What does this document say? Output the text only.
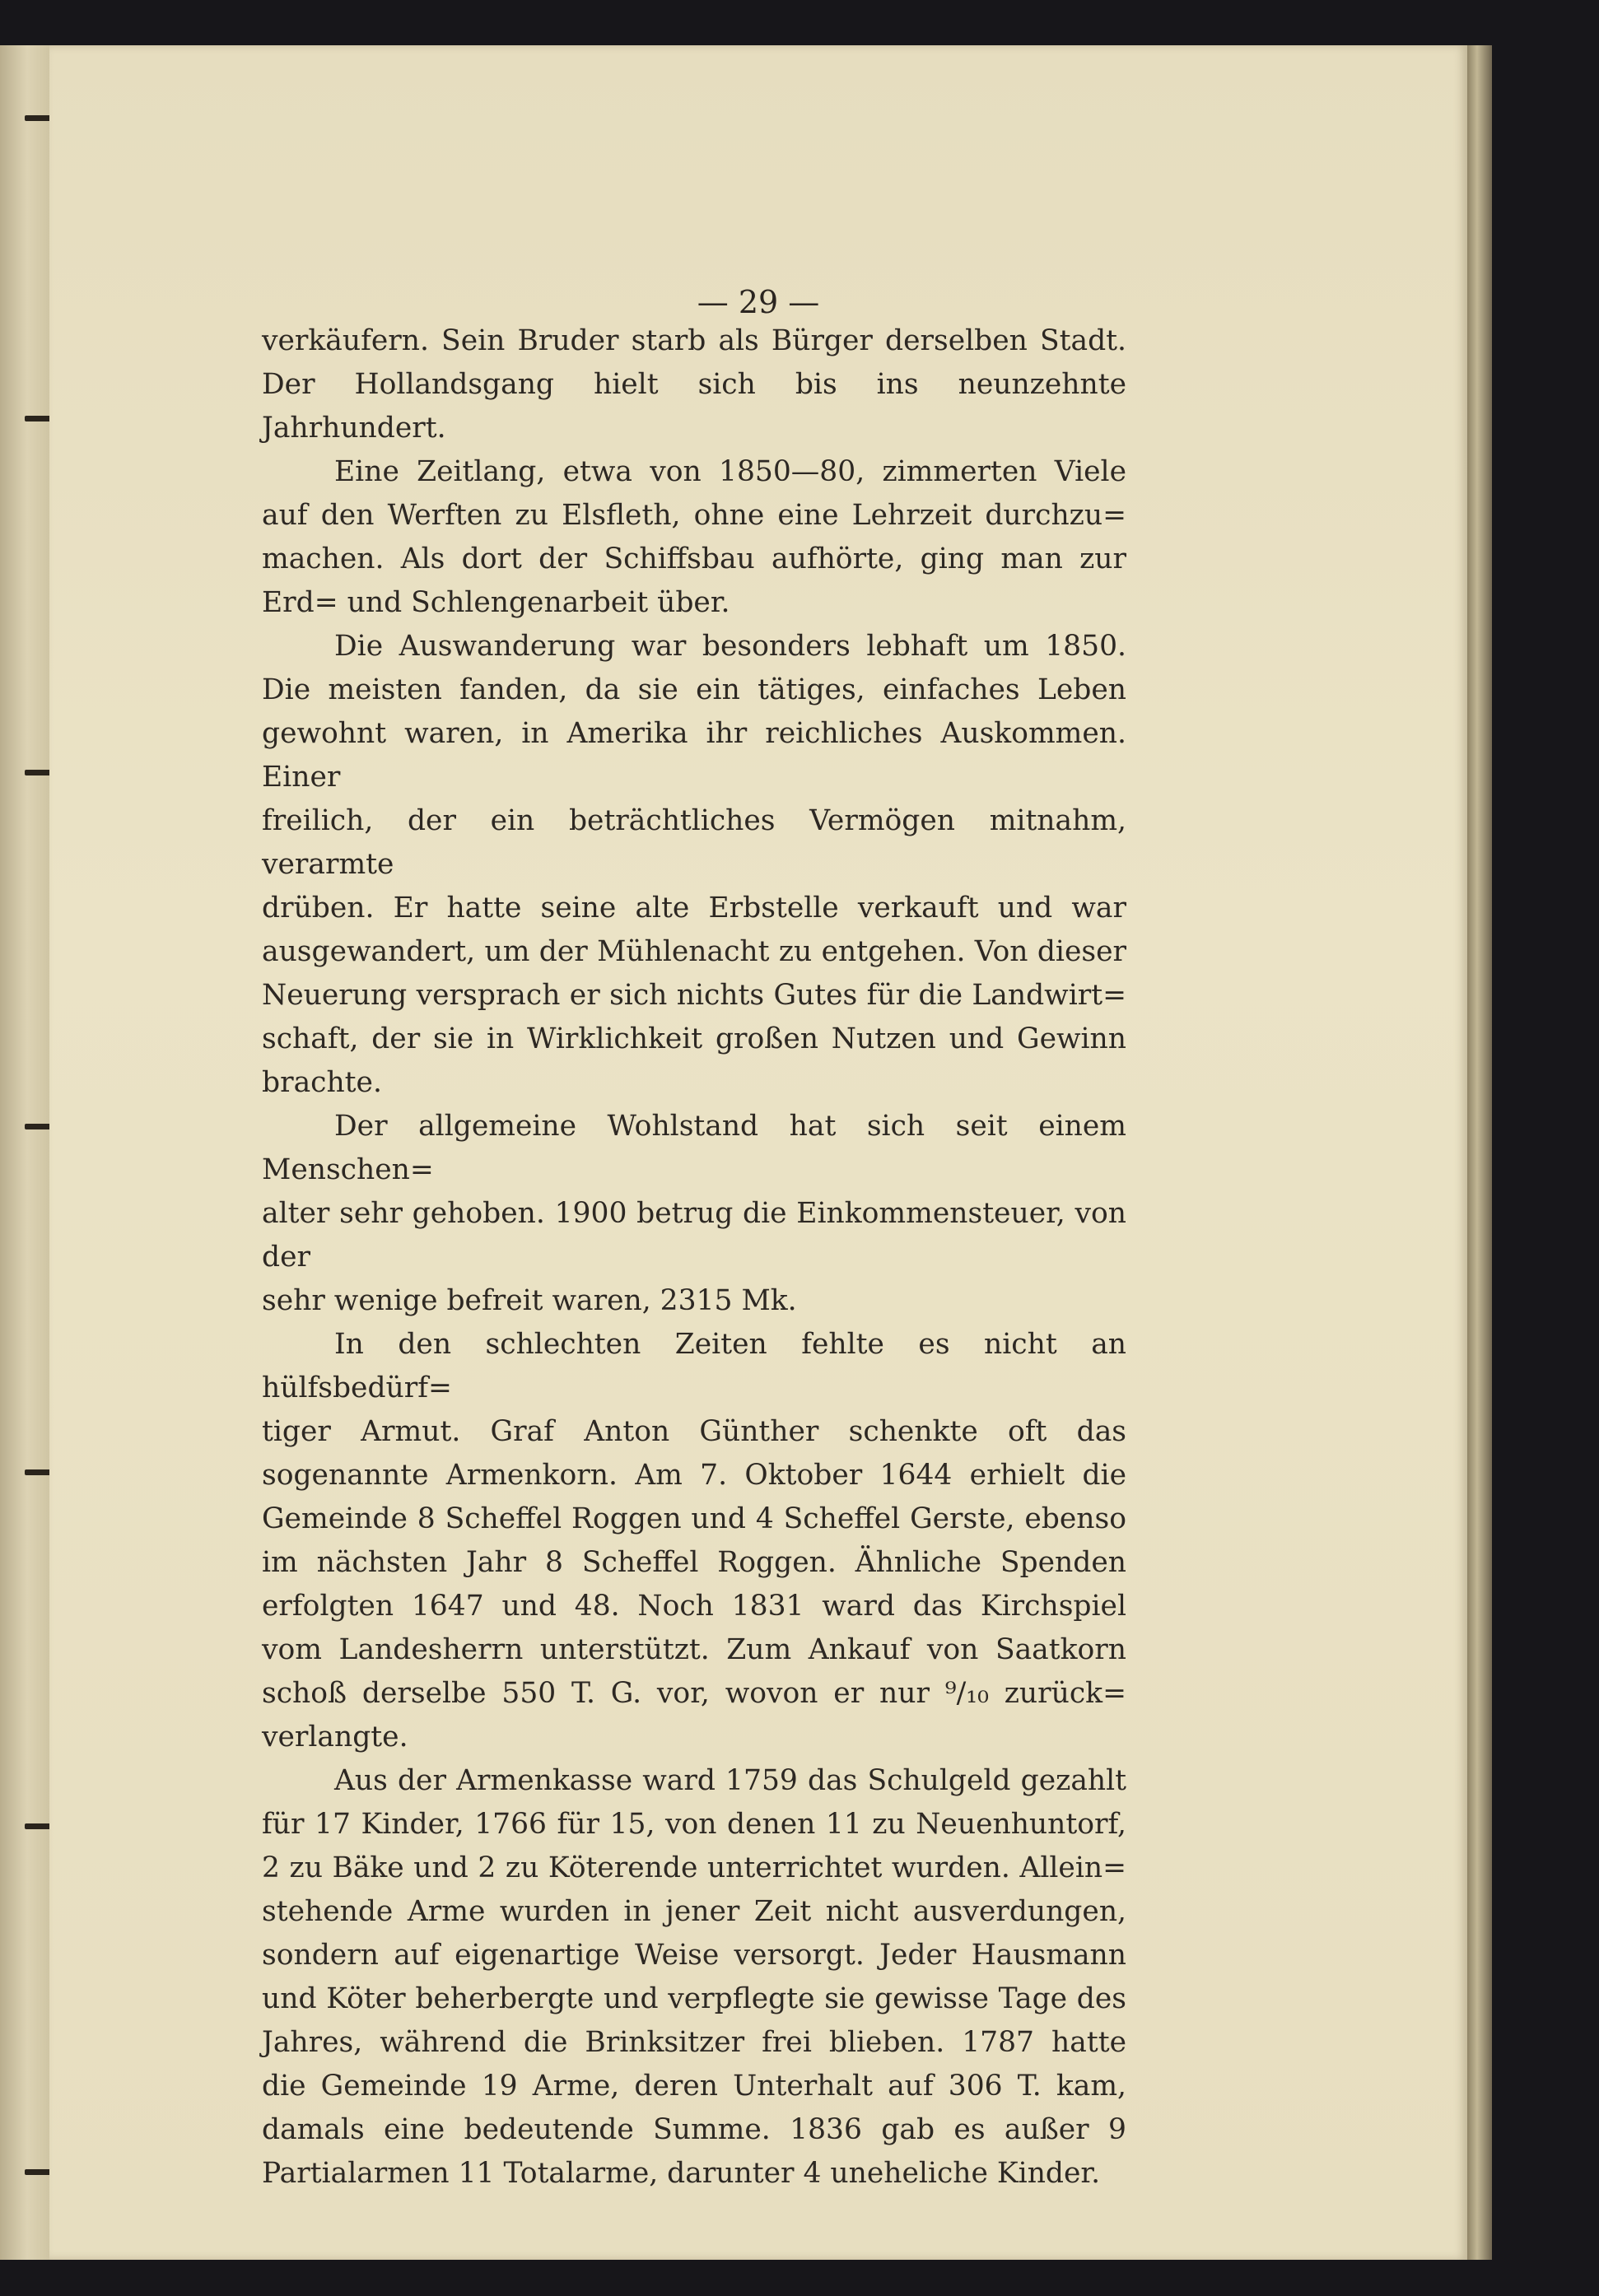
— 29 —

verkäufern. Sein Bruder starb als Bürger derselben Stadt.

Der Hollandsgang hielt sich bis ins neunzehnte Jahrhundert.

Eine Zeitlang, etwa von 1850—80, zimmerten Viele

auf den Werften zu Elsfleth, ohne eine Lehrzeit durchzu=

machen. Als dort der Schiffsbau aufhörte, ging man zur

Erd= und Schlengenarbeit über.

Die Auswanderung war besonders lebhaft um 1850.

Die meisten fanden, da sie ein tätiges, einfaches Leben

gewohnt waren, in Amerika ihr reichliches Auskommen. Einer

freilich, der ein beträchtliches Vermögen mitnahm, verarmte

drüben. Er hatte seine alte Erbstelle verkauft und war

ausgewandert, um der Mühlenacht zu entgehen. Von dieser

Neuerung versprach er sich nichts Gutes für die Landwirt=

schaft, der sie in Wirklichkeit großen Nutzen und Gewinn

brachte.

Der allgemeine Wohlstand hat sich seit einem Menschen=

alter sehr gehoben. 1900 betrug die Einkommensteuer, von der

sehr wenige befreit waren, 2315 Mk.

In den schlechten Zeiten fehlte es nicht an hülfsbedürf=

tiger Armut. Graf Anton Günther schenkte oft das

sogenannte Armenkorn. Am 7. Oktober 1644 erhielt die

Gemeinde 8 Scheffel Roggen und 4 Scheffel Gerste, ebenso

im nächsten Jahr 8 Scheffel Roggen. Ähnliche Spenden

erfolgten 1647 und 48. Noch 1831 ward das Kirchspiel

vom Landesherrn unterstützt. Zum Ankauf von Saatkorn

schoß derselbe 550 T. G. vor, wovon er nur ⁹/₁₀ zurück=

verlangte.

Aus der Armenkasse ward 1759 das Schulgeld gezahlt

für 17 Kinder, 1766 für 15, von denen 11 zu Neuenhuntorf,

2 zu Bäke und 2 zu Köterende unterrichtet wurden. Allein=

stehende Arme wurden in jener Zeit nicht ausverdungen,

sondern auf eigenartige Weise versorgt. Jeder Hausmann

und Köter beherbergte und verpflegte sie gewisse Tage des

Jahres, während die Brinksitzer frei blieben. 1787 hatte

die Gemeinde 19 Arme, deren Unterhalt auf 306 T. kam,

damals eine bedeutende Summe. 1836 gab es außer 9

Partialarmen 11 Totalarme, darunter 4 uneheliche Kinder.
